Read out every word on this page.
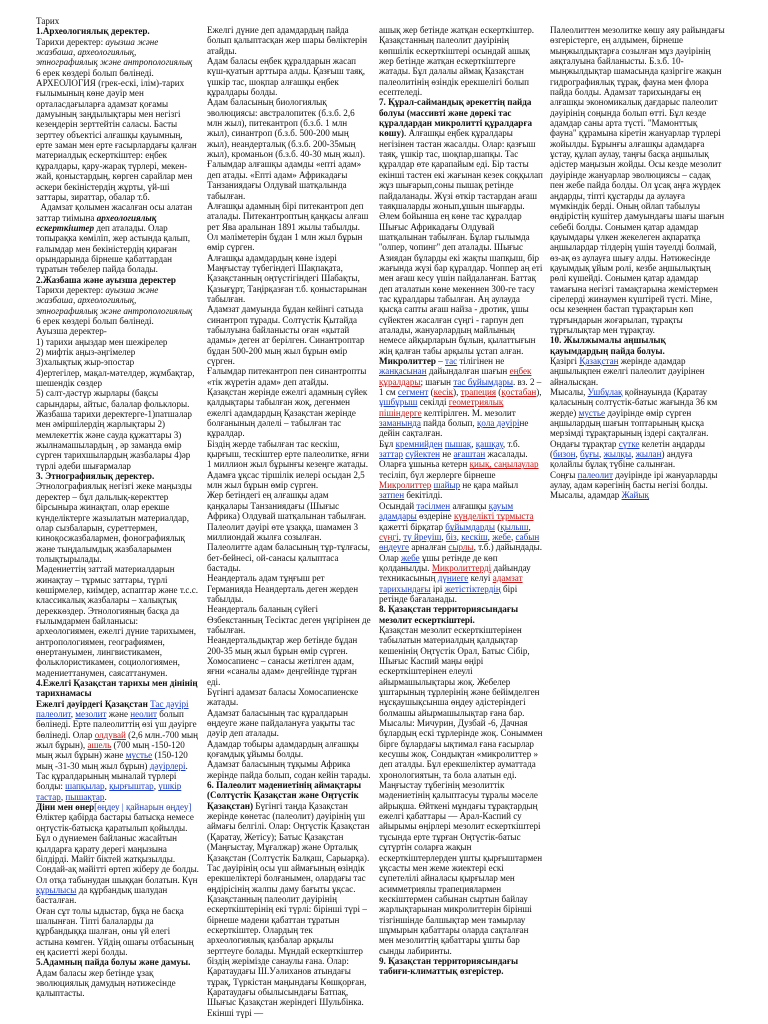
Тарих

1.Археологиялық деректер.

Тарихи деректер: ауызша және жазбаша, археологиялық, этнографиялық және антропологиялық 6 ерек көздері болып бөлінеді.

АРХЕОЛОГИЯ (грек-ескі, ілім)-тарих ғылымының көне дәуір мен орталасдағыларға адамзат қоғамы дамуының заңдылықтары мен негізгі кезеңдерін зерттейтін саласы. Басты зерттеу объектісі алғашқы қауымның, ерте заман мен ерте ғасырлардағы қалған материалдық ескерткіштер: еңбек құралдары, қару-жарақ түрлері, мекен-жай, қоныстардың, көрген сарайлар мен әскери бекіністердің жұрты, үй-ші заттары, зираттар, обалар т.б.

Адамзат қолымен жасалған осы алатан заттар тиімына археологиялық ескерткіштер деп аталады. Олар топырақка көміліп, жер астында қалып, ғалымдар мен бекіністердің қираған орындарында бірнеше қабаттардан тұратын төбелер пайда болады.

2.Жазбаша және ауызша деректер

Тарихи деректер: ауызша және жазбаша, археологиялық, этнографиялық және антропологиялық 6 ерек көздері болып бөлінеді.

Ауызша деректер-

1) тарихи аңыздар мен шежірелер

2) мифтік аңыз-әңгімелер

3)халықтық жыр-эпостар

4)ертегілер, мақал-мәтелдер, жұмбақтар, шешендік сөздер

5) салт-дәстүр жырлары (бақсы сарындары, айтыс, балалар фольклоры. Жазбаша тарихи деректерге-1)патшалар мен әміршілердің жарлықтары 2) мемлекеттік және сауда құжаттары 3) жылнамашылардың , әр заманда өмір сүрген тарихшылардың жазбалары 4)әр түрлі әдеби шығармалар

3. Этнографиялық деректер.

Этнолографиялық негізгі жеке маңызды деректер – бұл дальлық-керекттер бірсыныра жинақтап, олар ерекше күнделіктерге жазылатын материалдар, олар сызбаларын, суреттермен, киноқосжазбалармен, фонографиялық және тыңдалымдық жазбаларымен толықтырылады.

Мәдениеттің заттай материалдарын жинақтау – тұрмыс заттары, түрлі көшірмелер, киімдер, аспаптар және т.с.с. классикалық жазбалары – халықтық дереккөздер. Этнологияның басқа да ғылымдармен байланысы: археологиямен, ежелгі дүние тарихымен, антропологиямен, географиямен, өнертануымен, лингвистикамен, фольклористикамен, социологиямен, мәдениеттанумен, саясаттанумен.

4.Ежелгі Қазақстан тарихы мен дінінің тарихнамасы

Ежелгі дәуірдегі Қазақстан Тас дәуірі палеолит, мезолит және неолит болып бөлінеді. Ерте палеолиттің өзі үш дәуірге бөлінеді. Олар олдувай (2,6 млн.-700 мың жыл бұрын), ашель (700 мың -150-120 мың жыл бұрын) және мустье (150-120 мың -31-30 мың жыл бұрын) дәуірлері. Тас құралдарының мыналай түрлері болды: шапқылар, қырғыштар, үшкір тастар, пышақтар.

Діни мен өнер[өңдеу | қайнарын өңдеу] Өліктер қабірда бастары батысқа немесе оңтүстік-батысқа қаратылып қойылды. Бұл о дүниемен байланыс жасайтын қылдарға қарату дерегі маңызына білдірді. Майіт біктей жатқызылды. Сондай-ақ мәйітті өртеп жіберу де болды. Ол отқа табынудан шыққан болатын. Күн құрылысы да құрбандық шалудан басталған.

Оған сұт толы ыдыстар, бұқа не басқа шалынған. Тіпті балаларды да құрбандыққа шалған, оны үй елегі астына көмген. Үйдің ошағы отбасының ең қасиетті жері болды.

5.Адамның пайда болуы және дамуы. Адам баласы жер бетінде ұзақ эволюциялық дамудың нәтижесінде қалыптасты.

Ежелгі дүние деп адамдардың пайда болып қалыптасқан жер шары бөліктерін атайды.

Адам баласы еңбек құралдарын жасап күш-қуатын арттыра алды. Қазғыш таяқ, үшкір тас, шоқпар алғашқы еңбек құралдары болды.

Адам баласының биологиялық эволюциясы: австралопитек (б.з.б. 2,6 млн жыл), питекантроп (б.з.б. 1 млн жыл), синантроп (б.з.б. 500-200 мың жыл), неандерталық (б.з.б. 200-35мың жыл), кроманьон (б.з.б. 40-30 мың жыл). Ғалымдар алғашқы адамды «епті адам» деп атады. «Епті адам» Африкадағы Танзаниядағы Олдувай шатқалында табылған.

Алғашқы адамның бірі питекантроп деп аталады. Питекантроптың қаңқасы алғаш рет Ява аралынан 1891 жылы табылды. Ол мәліметерін бұдан 1 млн жыл бұрын өмір сүрген.

Алғашқы адамдардың көне іздері Маңғыстау түбегіндегі Шақпақата, Қазақстанның оңтүстігіндегі Шабақты, Қазығұрт, Таңірқазған т.б. қоныстарынан табылған.

Адамзат дамуында бұдан кейінгі сатыда синантроп тұрады. Солтүстік Қытайда табылуына байланысты оған «қытай адамы» деген ат берілген. Синантроптар бұдан 500-200 мың жыл бұрын өмір сүрген.

Ғалымдар питекантроп пен синантропты «тік жүретін адам» деп атайды.

Қазақстан жерінде ежелгі адамның сүйек қалдықтары табылған жоқ, дегенмен ежелгі адамдардың Қазақстан жерінде болғанының дәлелі – табылған тас құралдар.

Біздің жерде табылған тас кескіш, қырғыш, тескіштер ерте палеолитке, яғни 1 миллион жыл бұрынғы кезеңге жатады.

Адамға ұқсас тіршілік иелері осыдан 2,5 млн жыл бұрын өмір сүрген.

Жер бетіндегі ең алғашқы адам қаңқалары Танзаниядағы (Шығыс Африка) Олдувай шатқалынан табылған. Палеолит дәуірі өте ұзаққа, шамамен 3 миллиондай жылға созылған.

Палеолитте адам баласының тұр-тұлғасы, бет-бейнесі, ой-санасы қалыптаса бастады.

Неандерталь адам тұңғыш рет Германияда Неандерталь деген жерден табылды.

Неандерталь баланың сүйегі Өзбекстанның Тесіктас деген үңгірінен де табылған.

Неандертальдықтар жер бетінде бұдан 200-35 мың жыл бұрын өмір сүрген. Хомосапиенс – санасы жетілген адам, яғни «саналы адам» деңгейінде тұрған еді.

Бүгінгі адамзат баласы Хомосапиенске жатады.

Адамзат баласының тас құралдарын өңдеуге және пайдалануға уақыты тас дәуір деп аталады.

Адамдар тобыры адамдардың алғашқы қоғамдық ұйымы болды.

Адамзат баласының тұқымы Африка жерінде пайда болып, содан кейін тарады.

6. Палеолит мәдениетінің аймақтары (Солтүстік Қазақстан және Оңтүстік Қазақстан) Бүгінгі таңда Қазақстан жерінде көнетас (палеолит) дәуірінің үш аймағы белгілі. Олар: Оңтүстік Қазақстан (Қаратау, Жетісу); Батыс Қазақстан (Маңғыстау, Мұғалжар) және Орталық Қазақстан (Солтүстік Балқаш, Сарыарқа).

Тас дәуірінің осы үш аймағының өзіндік ерекшеліктері болғанымен, олардағы тас өңдірісінің жалпы даму бағыты ұқсас. Қазақстанның палеолит дәуірінің ескерткіштерінің екі түрлі: бірінші түрі – бірнеше мәдени қабаттан тұратын ескерткіштер. Олардың тек археологиялық қазбалар арқылы зерттеуге болады. Мұндай ескерткіштер біздің жерімізде санаулы ғана. Олар: Қаратаудағы Ш.Уәлиханов атындағы тұрақ, Түркістан маңындағы Көшқорған, Қаратаудағы обылысындағы Батпақ, Шығыс Қазақстан жеріндегі Шульбінка. Екінші түрі —

ашық жер бетінде жатқан ескерткіштер. Қазақстанның палеолит дәуірінің көпшілік ескерткіштері осындай ашық жер бетінде жатқан ескерткіштерге жатады. Бұл далалы аймақ Қазақстан палеолитінің өзіндік ерекшелігі болып есептеледі.

7. Құрал-саймандық әрекеттің пайда болуы (массивті және дөрекі тас құралдардан микролитті құралдарға көшу). Алғашқы еңбек құралдары негізінен тастан жасалды. Олар: қазғыш таяқ, үшкір тас, шоқпар,шапқы. Тас құралдар өте қарапайым еді. Бір тасты екінші тастен екі жағынан кезек соққылап жұз шығарып,соны пышақ ретінде пайдаланады. Жүзі өткір тастардан ағаш таяқшаларды жонып,ұшын шығарды. Әлем бойынша ең көне тас құралдар Шығыс Африкадағы Олдувай шатқалынан табылған. Бұлар гылымда ''олпер, чопинг'' деп аталады. Шығыс Азиядан бұларды екі жақты шапқыш, бір жағында жүзі бар құралдар. Чоппер аң еті мен ағаш кесу үшін пайдаланған. Баттақ деп аталатын көне мекеннен 300-ге тасу тас құралдары табылған. Аң аулауда қысқа сапты ағаш найза - дротик, ұшы сүйектен жасалған сүңгі - гарпун деп аталады, жануарлардың майлының немесе айқырларын бұлын, қылаттығын жің қалған табы арқылы ұстап алған.

Микролиттер – тас тілігінен не жанқасынан дайындалған шағын еңбек құралдары; шағын тас бұйымдары. вз. 2 – 1 см сегмент (кесік), трапеция (қостабан), ұшбұрыш секілді геометриялық пішіндерге келтірілген. М. мезолит заманында пайда болып, қола дәуіріне дейін сақталған.

Бұл кремнийден пышақ, қашқау, т.б. заттар сүйектен не ағаштан жасалады. Оларға ұшыньа кетерн қиық, саңылаулар тесіліп, бүл жерлерге бірнеше Микролиттер шайыр не қара майыл затпен бекітілді.

Осындай тәсілмен алғашқы қауым адамдары өздеріне күнделікті тұрмыста қажетті бірқатар бұйымдарды (қылыш, сүңгі, тү йреуіш, біз, кескіш, жебе, сабын өңдеуге арналған сырлы, т.б.) дайындады.

Олар жебе ұшы ретінде де көп қолданылды. Микролиттерді дайындау техникасының дүниеге келуі адамзат тарихындағы ірі жетістіктердің бірі ретінде бағаланады.

8. Қазақстан территориясындағы мезолит ескерткіштері.

Қазақстан мезолит ескерткіштерінен табылатын материалдың қалдықтар кешенінің Оңтүстік Орал, Батыс Сібір, Шығыс Каспий маңы өңірі ескерткіштерінен елеулі айырмашылықтары жоқ. Жебелер ұштарының тұрлерінің және бейімделген нұсқаушықсынша өңдеу әдістеріндегі болмашы айырмашылықтар ғана бар. Мысалы: Мичурин, Дузбай -6, Дачная бұлардың ескі тұрлерінде жоқ. Соныммен бірге бұлардағы ықтимал ғана ғасырлар кесушы жоқ. Сондықтан «микролиттер » деп аталды. Бұл ерекшеліктер ауматтада хронологиятын, та бола алатын еді. Маңғыстау тұбегінің мезолиттік мәдениетінің қалыптасуы тұралы мәселе айрықша. Өйткені мұндағы тұрақтардың ежелгі қабаттары — Арал-Каспий су айырымы өңірлері мезолит ескерткіштері тұсында ерте тұрған Оңтүстік-батыс сұтүртін соларға жақын ескерткіштерлерден ұшты қырғыштармен ұқсасты мен жеме жиектері ескі сұпетелілі айналасы қырғылар мен асимметриялы трапециялармен кескіштермен сабынан сыртын байлау жарлықтарынан микролиттерін бірінші тізгіншінде балшықтар мен тамырлау шұмырын қабаттары оларда сақталған мен мезолиттің қабаттары ұшты бар сынды лабиринты.

9. Қазақстан территориясындағы табиғи-климаттық өзгерістер.

Палеолиттен мезолитке көшу аяу райындағы өзгерістерге, ең алдымен, бірнеше мыңжылдықтарға созылған мұз дәуірінің аяқталуына байланысты. Б.з.б. 10-мыңжылдықтар шамасында қазіргіге жақын гидрографиялық тұрақ, фауна мен флора пайда болды. Адамзат тарихындағы ең алғашқы экономикалық дағдарыс палеолит дәуірінің соңында болып өтті. Бұл кезде адамдар саны арта түсті. "Мамонттық фауна" құрамына кіретін жануарлар түрлері жойылды. Бұрынғы алғашқы адамдарға ұстау, құлап аулау, таңғы басқа аңшылық әдістер маңызын жойды. Осы кезде мезолит дәуірінде жануарлар эволюциясы – садақ пен жебе пайда болды. Ол ұсақ аңға жүрдек аңдарды, тіпті құстарды да аулауға мүмкіндік берді. Оның ойлап табылуы өндірістің кушітер дамуындағы шағы шағын себебі болды. Сонымен қатар адамдар қауымдары үлкен жекелеген ақпаратқа аңшылардар тілдерің үшін тәуелді болмай, өз-ақ өз аулауға шығу алды. Нәтижесінде қауымдық ұйым ролі, кезбе аңшылықтың рөлі күшейді. Сонымен қатар адамдар тамағына негізгі тамақтарына жемістермен сірелерді жинаумен күштірей түсті. Міне, осы кезеңнен бастап тұрақтарын көп тұрғындарын жоғарылап, тұрақты тұрғылықтар мен тұрақтау.

10. Жылжымалы аңшылық қауымдардың пайда болуы.

Қазіргі Қазақстан жерінде адамдар аңшылықпен ежелгі палеолит дәуірінен айналысқан.

Мысалы, Ушбұлақ қойнауында (Қаратау қаласының солтүстік-батыс жағында 36 км жерде) мустье дәуірінде өмір сүрген аңшылардың шағын топтарының қысқа мерзімді тұрақтарының іздері сақталған. Ондағы тұрақтар сүтке келетін аңдарды (бизон, бұғы, жылқы, жылан) андуға қолайлы бұлақ түбіне салынған.

Соңғы палеолит дәуірінде ірі жануарларды аулау, адам кәрегінің басты негізі болды. Мысалы, адамдар Жайық
